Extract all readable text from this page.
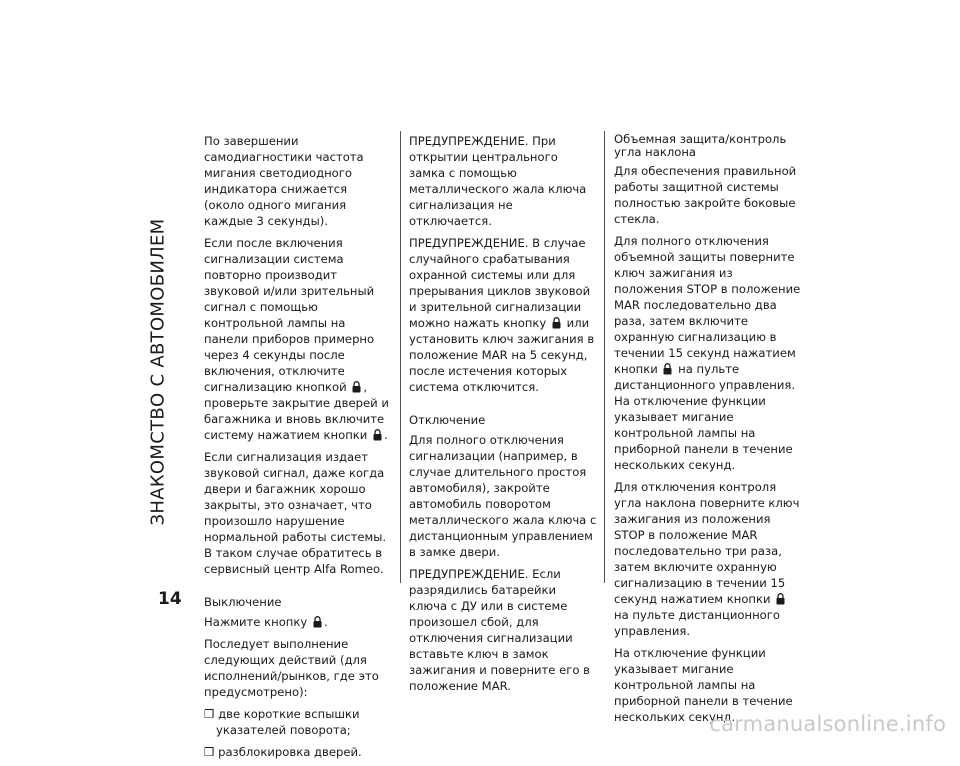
ЗНАКОМСТВО С АВТОМОБИЛЕМ
14

По завершении самодиагностики частота мигания светодиодного индикатора снижается (около одного мигания каждые 3 секунды).

Если после включения сигнализации система повторно производит звуковой и/или зрительный сигнал с помощью контрольной лампы на панели приборов примерно через 4 секунды после включения, отключите сигнализацию кнопкой , проверьте закрытие дверей и багажника и вновь включите систему нажатием кнопки .

Если сигнализация издает звуковой сигнал, даже когда двери и багажник хорошо закрыты, это означает, что произошло нарушение нормальной работы системы. В таком случае обратитесь в сервисный центр Alfa Romeo.

Выключение

Нажмите кнопку .

Последует выполнение следующих действий (для исполнений/рынков, где это предусмотрено):

❒ две короткие вспышки указателей поворота;
❒ разблокировка дверей.

ПРЕДУПРЕЖДЕНИЕ. При открытии центрального замка с помощью металлического жала ключа сигнализация не отключается.

ПРЕДУПРЕЖДЕНИЕ. В случае случайного срабатывания охранной системы или для прерывания циклов звуковой и зрительной сигнализации можно нажать кнопку или установить ключ зажигания в положение MAR на 5 секунд, после истечения которых система отключится.

Отключение

Для полного отключения сигнализации (например, в случае длительного простоя автомобиля), закройте автомобиль поворотом металлического жала ключа с дистанционным управлением в замке двери.

ПРЕДУПРЕЖДЕНИЕ. Если разрядились батарейки ключа с ДУ или в системе произошел сбой, для отключения сигнализации вставьте ключ в замок зажигания и поверните его в положение MAR.

Объемная защита/контроль угла наклона

Для обеспечения правильной работы защитной системы полностью закройте боковые стекла.

Для полного отключения объемной защиты поверните ключ зажигания из положения STOP в положение MAR последовательно два раза, затем включите охранную сигнализацию в течении 15 секунд нажатием кнопки на пульте дистанционного управления. На отключение функции указывает мигание контрольной лампы на приборной панели в течение нескольких секунд.

Для отключения контроля угла наклона поверните ключ зажигания из положения STOP в положение MAR последовательно три раза, затем включите охранную сигнализацию в течении 15 секунд нажатием кнопки
на пульте дистанционного управления.

На отключение функции указывает мигание контрольной лампы на приборной панели в течение нескольких секунд.

carmanualsonline.info
